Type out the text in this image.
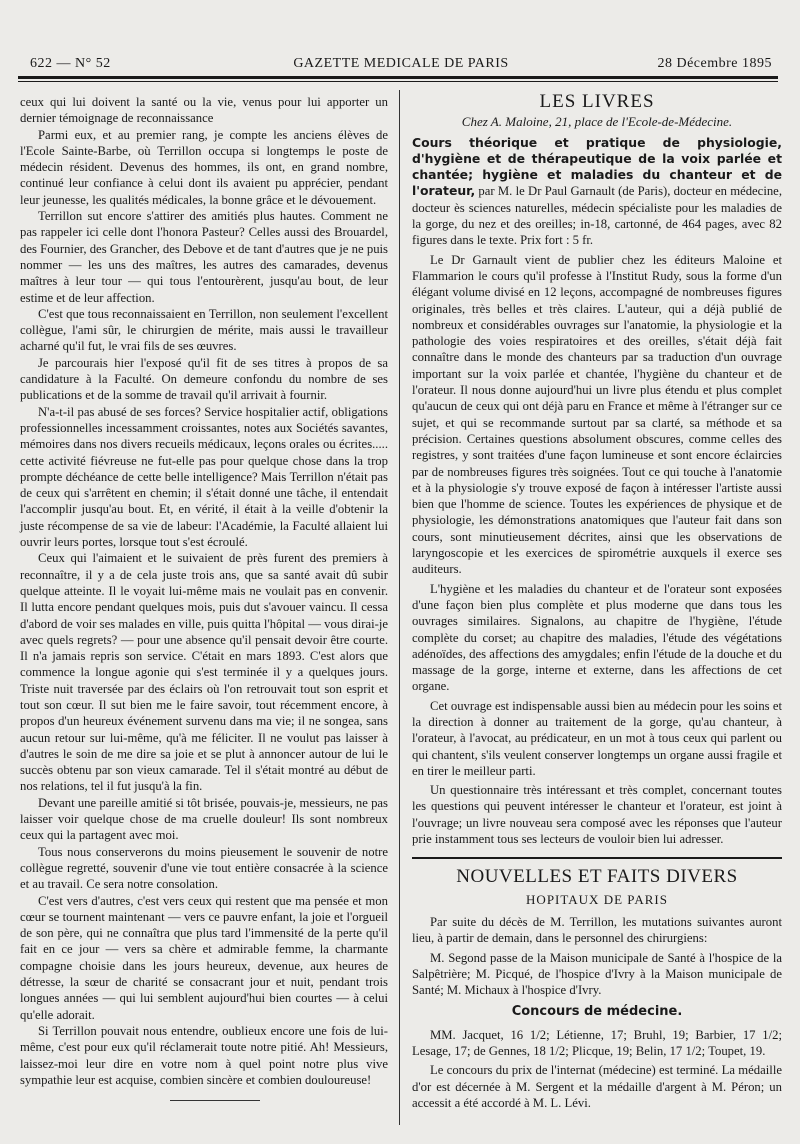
622 — N° 52	GAZETTE MEDICALE DE PARIS	28 Décembre 1895

ceux qui lui doivent la santé ou la vie, venus pour lui apporter un dernier témoignage de reconnaissance

Parmi eux, et au premier rang, je compte les anciens élèves de l'Ecole Sainte-Barbe, où Terrillon occupa si longtemps le poste de médecin résident. Devenus des hommes, ils ont, en grand nombre, continué leur confiance à celui dont ils avaient pu apprécier, pendant leur jeunesse, les qualités médicales, la bonne grâce et le dévouement.

Terrillon sut encore s'attirer des amitiés plus hautes. Comment ne pas rappeler ici celle dont l'honora Pasteur? Celles aussi des Brouardel, des Fournier, des Grancher, des Debove et de tant d'autres que je ne puis nommer — les uns des maîtres, les autres des camarades, devenus maîtres à leur tour — qui tous l'entourèrent, jusqu'au bout, de leur estime et de leur affection.

C'est que tous reconnaissaient en Terrillon, non seulement l'excellent collègue, l'ami sûr, le chirurgien de mérite, mais aussi le travailleur acharné qu'il fut, le vrai fils de ses œuvres.

Je parcourais hier l'exposé qu'il fit de ses titres à propos de sa candidature à la Faculté. On demeure confondu du nombre de ses publications et de la somme de travail qu'il arrivait à fournir.

N'a-t-il pas abusé de ses forces? Service hospitalier actif, obligations professionnelles incessamment croissantes, notes aux Sociétés savantes, mémoires dans nos divers recueils médicaux, leçons orales ou écrites..... cette activité fiévreuse ne fut-elle pas pour quelque chose dans la trop prompte déchéance de cette belle intelligence? Mais Terrillon n'était pas de ceux qui s'arrêtent en chemin; il s'était donné une tâche, il entendait l'accomplir jusqu'au bout. Et, en vérité, il était à la veille d'obtenir la juste récompense de sa vie de labeur: l'Académie, la Faculté allaient lui ouvrir leurs portes, lorsque tout s'est écroulé.

Ceux qui l'aimaient et le suivaient de près furent des premiers à reconnaître, il y a de cela juste trois ans, que sa santé avait dû subir quelque atteinte. Il le voyait lui-même mais ne voulait pas en convenir. Il lutta encore pendant quelques mois, puis dut s'avouer vaincu. Il cessa d'abord de voir ses malades en ville, puis quitta l'hôpital — vous dirai-je avec quels regrets? — pour une absence qu'il pensait devoir être courte. Il n'a jamais repris son service. C'était en mars 1893. C'est alors que commence la longue agonie qui s'est terminée il y a quelques jours. Triste nuit traversée par des éclairs où l'on retrouvait tout son esprit et tout son cœur. Il sut bien me le faire savoir, tout récemment encore, à propos d'un heureux événement survenu dans ma vie; il ne songea, sans aucun retour sur lui-même, qu'à me féliciter. Il ne voulut pas laisser à d'autres le soin de me dire sa joie et se plut à annoncer autour de lui le succès obtenu par son vieux camarade. Tel il s'était montré au début de nos relations, tel il fut jusqu'à la fin.

Devant une pareille amitié si tôt brisée, pouvais-je, messieurs, ne pas laisser voir quelque chose de ma cruelle douleur! Ils sont nombreux ceux qui la partagent avec moi.

Tous nous conserverons du moins pieusement le souvenir de notre collègue regretté, souvenir d'une vie tout entière consacrée à la science et au travail. Ce sera notre consolation.

C'est vers d'autres, c'est vers ceux qui restent que ma pensée et mon cœur se tournent maintenant — vers ce pauvre enfant, la joie et l'orgueil de son père, qui ne connaîtra que plus tard l'immensité de la perte qu'il fait en ce jour — vers sa chère et admirable femme, la charmante compagne choisie dans les jours heureux, devenue, aux heures de détresse, la sœur de charité se consacrant jour et nuit, pendant trois longues années — qui lui semblent aujourd'hui bien courtes — à celui qu'elle adorait.

Si Terrillon pouvait nous entendre, oublieux encore une fois de lui-même, c'est pour eux qu'il réclamerait toute notre pitié. Ah! Messieurs, laissez-moi leur dire en votre nom à quel point notre plus vive sympathie leur est acquise, combien sincère et combien douloureuse!

LES LIVRES
Chez A. Maloine, 21, place de l'Ecole-de-Médecine.

Cours théorique et pratique de physiologie, d'hygiène et de thérapeutique de la voix parlée et chantée; hygiène et maladies du chanteur et de l'orateur, par M. le Dr Paul Garnault (de Paris), docteur en médecine, docteur ès sciences naturelles, médecin spécialiste pour les maladies de la gorge, du nez et des oreilles; in-18, cartonné, de 464 pages, avec 82 figures dans le texte. Prix fort : 5 fr.

Le Dr Garnault vient de publier chez les éditeurs Maloine et Flammarion le cours qu'il professe à l'Institut Rudy, sous la forme d'un élégant volume divisé en 12 leçons, accompagné de nombreuses figures originales, très belles et très claires. L'auteur, qui a déjà publié de nombreux et considérables ouvrages sur l'anatomie, la physiologie et la pathologie des voies respiratoires et des oreilles, s'était déjà fait connaître dans le monde des chanteurs par sa traduction d'un ouvrage important sur la voix parlée et chantée, l'hygiène du chanteur et de l'orateur. Il nous donne aujourd'hui un livre plus étendu et plus complet qu'aucun de ceux qui ont déjà paru en France et même à l'étranger sur ce sujet, et qui se recommande surtout par sa clarté, sa méthode et sa précision. Certaines questions absolument obscures, comme celles des registres, y sont traitées d'une façon lumineuse et sont encore éclaircies par de nombreuses figures très soignées. Tout ce qui touche à l'anatomie et à la physiologie s'y trouve exposé de façon à intéresser l'artiste aussi bien que l'homme de science. Toutes les expériences de physique et de physiologie, les démonstrations anatomiques que l'auteur fait dans son cours, sont minutieusement décrites, ainsi que les observations de laryngoscopie et les exercices de spirométrie auxquels il exerce ses auditeurs.

L'hygiène et les maladies du chanteur et de l'orateur sont exposées d'une façon bien plus complète et plus moderne que dans tous les ouvrages similaires. Signalons, au chapitre de l'hygiène, l'étude complète du corset; au chapitre des maladies, l'étude des végétations adénoïdes, des affections des amygdales; enfin l'étude de la douche et du massage de la gorge, interne et externe, dans les affections de cet organe.

Cet ouvrage est indispensable aussi bien au médecin pour les soins et la direction à donner au traitement de la gorge, qu'au chanteur, à l'orateur, à l'avocat, au prédicateur, en un mot à tous ceux qui parlent ou qui chantent, s'ils veulent conserver longtemps un organe aussi fragile et en tirer le meilleur parti.

Un questionnaire très intéressant et très complet, concernant toutes les questions qui peuvent intéresser le chanteur et l'orateur, est joint à l'ouvrage; un livre nouveau sera composé avec les réponses que l'auteur prie instamment tous ses lecteurs de vouloir bien lui adresser.

NOUVELLES ET FAITS DIVERS
HOPITAUX DE PARIS

Par suite du décès de M. Terrillon, les mutations suivantes auront lieu, à partir de demain, dans le personnel des chirurgiens:

M. Segond passe de la Maison municipale de Santé à l'hospice de la Salpêtrière; M. Picqué, de l'hospice d'Ivry à la Maison municipale de Santé; M. Michaux à l'hospice d'Ivry.

Concours de médecine.

MM. Jacquet, 16 1/2; Létienne, 17; Bruhl, 19; Barbier, 17 1/2; Lesage, 17; de Gennes, 18 1/2; Plicque, 19; Belin, 17 1/2; Toupet, 19.

Le concours du prix de l'internat (médecine) est terminé. La médaille d'or est décernée à M. Sergent et la médaille d'argent à M. Péron; un accessit a été accordé à M. L. Lévi.
